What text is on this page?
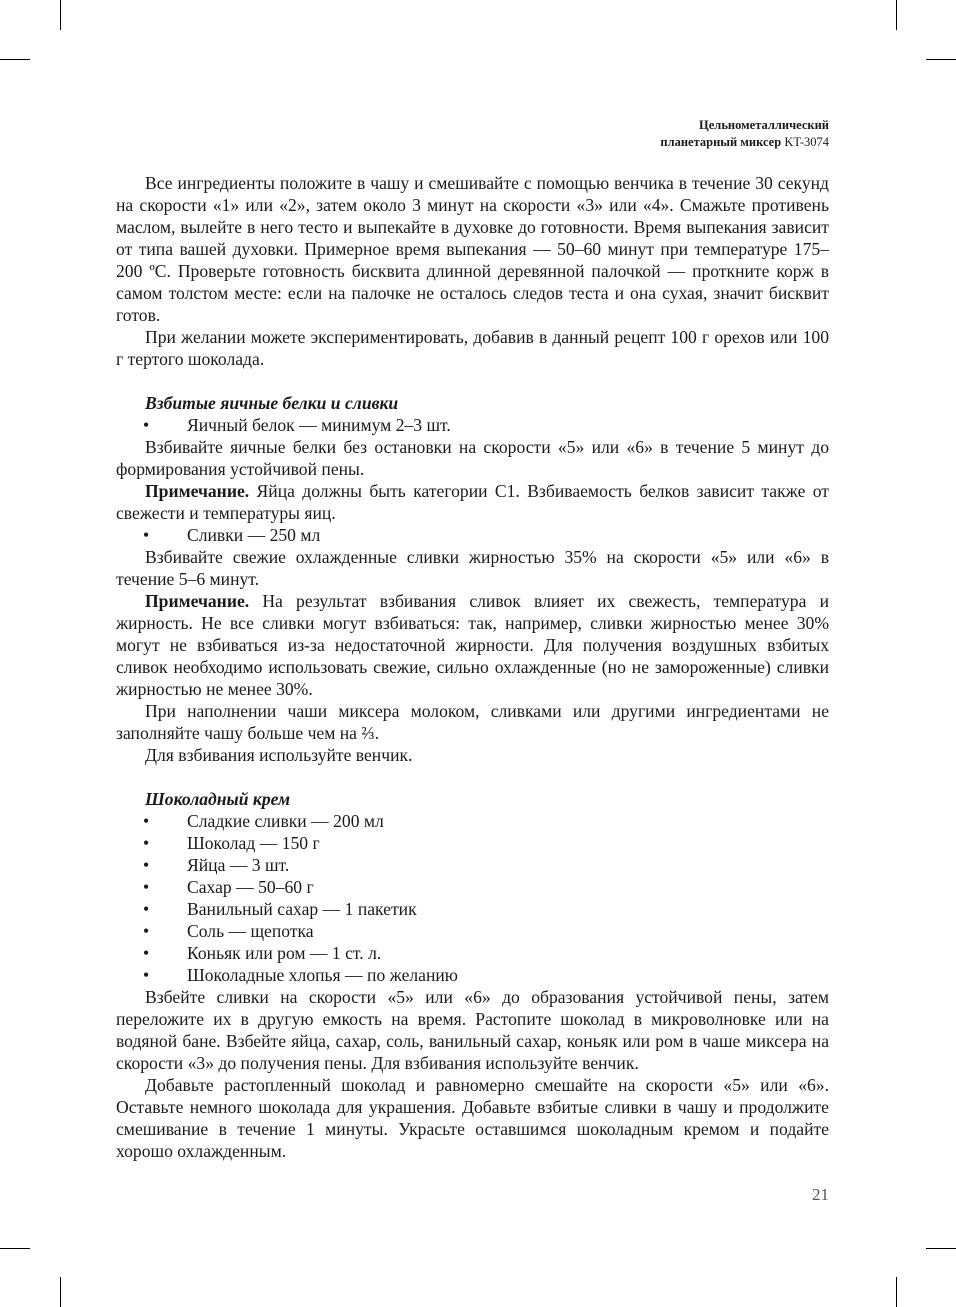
Цельнометаллический
планетарный миксер KT-3074

Все ингредиенты положите в чашу и смешивайте с помощью венчика в течение 30 секунд на скорости «1» или «2», затем около 3 минут на скорости «3» или «4». Смажьте противень маслом, вылейте в него тесто и выпекайте в духовке до готовности. Время выпекания зависит от типа вашей духовки. Примерное время выпекания — 50–60 минут при температуре 175–200 ºС. Проверьте готовность бисквита длинной деревянной палочкой — проткните корж в самом толстом месте: если на палочке не осталось следов теста и она сухая, значит бисквит готов.

При желании можете экспериментировать, добавив в данный рецепт 100 г орехов или 100 г тертого шоколада.

Взбитые яичные белки и сливки
• Яичный белок — минимум 2–3 шт.

Взбивайте яичные белки без остановки на скорости «5» или «6» в течение 5 минут до формирования устойчивой пены.

Примечание. Яйца должны быть категории С1. Взбиваемость белков зависит также от свежести и температуры яиц.

• Сливки — 250 мл

Взбивайте свежие охлажденные сливки жирностью 35% на скорости «5» или «6» в течение 5–6 минут.

Примечание. На результат взбивания сливок влияет их свежесть, температура и жирность. Не все сливки могут взбиваться: так, например, сливки жирностью менее 30% могут не взбиваться из-за недостаточной жирности. Для получения воздушных взбитых сливок необходимо использовать свежие, сильно охлажденные (но не замороженные) сливки жирностью не менее 30%.

При наполнении чаши миксера молоком, сливками или другими ингредиентами не заполняйте чашу больше чем на ⅔.

Для взбивания используйте венчик.

Шоколадный крем
• Сладкие сливки — 200 мл
• Шоколад — 150 г
• Яйца — 3 шт.
• Сахар — 50–60 г
• Ванильный сахар — 1 пакетик
• Соль — щепотка
• Коньяк или ром — 1 ст. л.
• Шоколадные хлопья — по желанию

Взбейте сливки на скорости «5» или «6» до образования устойчивой пены, затем переложите их в другую емкость на время. Растопите шоколад в микроволновке или на водяной бане. Взбейте яйца, сахар, соль, ванильный сахар, коньяк или ром в чаше миксера на скорости «3» до получения пены. Для взбивания используйте венчик.

Добавьте растопленный шоколад и равномерно смешайте на скорости «5» или «6». Оставьте немного шоколада для украшения. Добавьте взбитые сливки в чашу и продолжите смешивание в течение 1 минуты. Украсьте оставшимся шоколадным кремом и подайте хорошо охлажденным.

21
